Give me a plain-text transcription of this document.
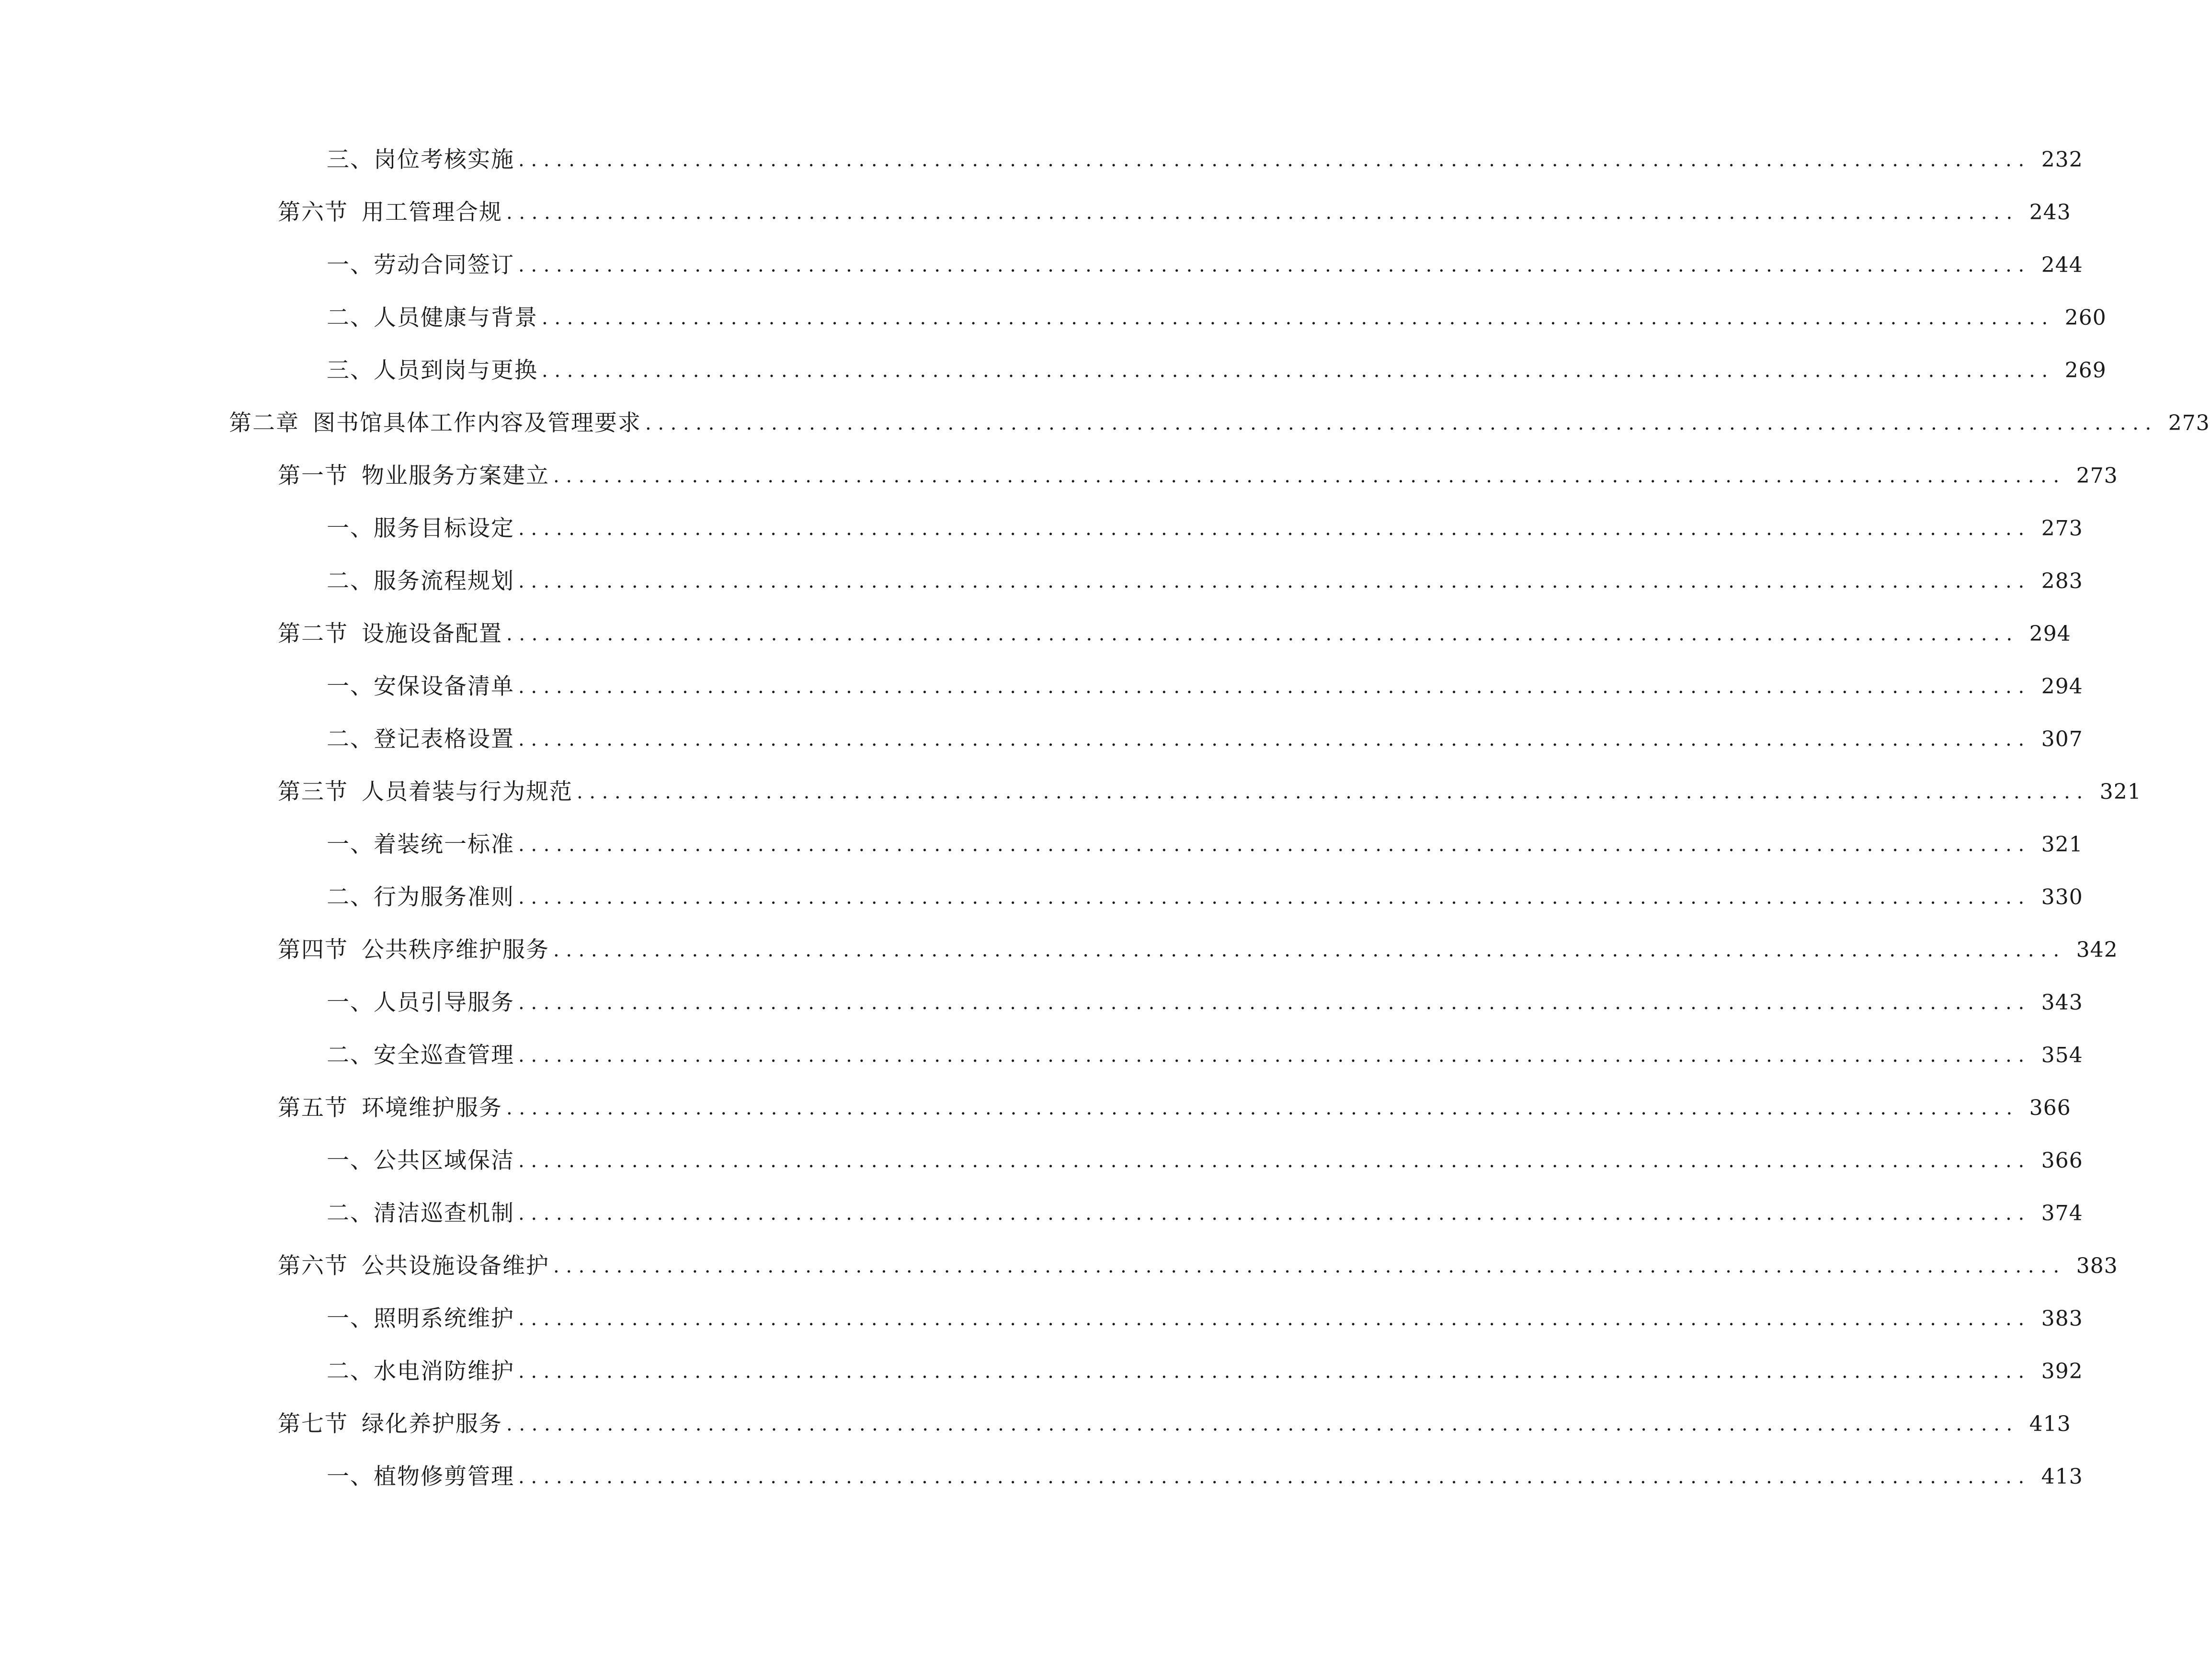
三、 岗位考核实施 ........................................................................................................................ 232
第六节 用工管理合规 ........................................................................................................................ 243
一、 劳动合同签订 ........................................................................................................................ 244
二、 人员健康与背景 ........................................................................................................................ 260
三、 人员到岗与更换 ........................................................................................................................ 269
第二章 图书馆具体工作内容及管理要求 ........................................................................................................................ 273
第一节 物业服务方案建立 ........................................................................................................................ 273
一、 服务目标设定 ........................................................................................................................ 273
二、 服务流程规划 ........................................................................................................................ 283
第二节 设施设备配置 ........................................................................................................................ 294
一、 安保设备清单 ........................................................................................................................ 294
二、 登记表格设置 ........................................................................................................................ 307
第三节 人员着装与行为规范 ........................................................................................................................ 321
一、 着装统一标准 ........................................................................................................................ 321
二、 行为服务准则 ........................................................................................................................ 330
第四节 公共秩序维护服务 ........................................................................................................................ 342
一、 人员引导服务 ........................................................................................................................ 343
二、 安全巡查管理 ........................................................................................................................ 354
第五节 环境维护服务 ........................................................................................................................ 366
一、 公共区域保洁 ........................................................................................................................ 366
二、 清洁巡查机制 ........................................................................................................................ 374
第六节 公共设施设备维护 ........................................................................................................................ 383
一、 照明系统维护 ........................................................................................................................ 383
二、 水电消防维护 ........................................................................................................................ 392
第七节 绿化养护服务 ........................................................................................................................ 413
一、 植物修剪管理 ........................................................................................................................ 413
